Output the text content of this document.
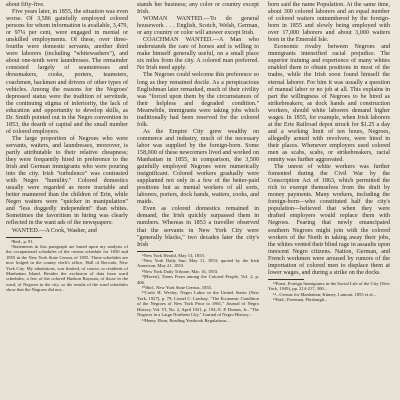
about fifty-five.

Five years later, in 1855, the situation was even worse. Of 3,586 gainfully employed colored persons for whom information is available, 3,479, or 97¼ per cent, were engaged in menial or unskilled employments. Of these, over three-fourths were domestic servants, another third were laborers (including "whitewashers"), and about one-tenth were laundresses. The remainder consisted largely of seamstresses and dressmakers, cooks, porters, teamsters, coachmen, hackmen and drivers of other types of vehicles. Among the reasons for the Negroes' depressed status were the tradition of servitude, the continuing stigma of inferiority, the lack of education and opportunity to develop skills, as Dr. Smith pointed out in the Negro convention in 1853, the dearth of capital and the small number of colored employers.

The large proportion of Negroes who were servants, waiters, and laundresses, moreover, is partly attributable to their relative cheapness; they were frequently hired in preference to the Irish and German immigrants who were pouring into the city. Irish "turbulence" was contrasted with Negro "humility." Colored domestics usually were regarded as more tractable and better mannered than the children of Erin, while Negro waiters were "quicker in manipulation" and "less doggedly independent" than whites. Sometimes the favoritism in hiring was clearly reflected in the want ads of the newspapers:

WANTED.—A Cook, Washer, and

⁴Ibid., p. 91.

⁵Statements in this paragraph are based upon my analysis of the occupational schedules of the census schedule for 1850 and 1855 in the New York State Census of 1855. These schedules are now lodged in the county clerk's office, Hall of Records, New York City. My tabulations, was limited, of course, to residents of Manhattan Island. Besides the exclusion of data from ward schedules, a few of the colored Hudson Bayouta, of those in the ward, of Negroes in the city, so the results of the ward schedules show that the Negroes did not...

stands her business; any color or country except Irish.

WOMAN WANTED.—To do general housework . . . English, Scotch, Welsh, German, or any country or color will answer except Irish.

COACHMAN WANTED.—A Man who understands the care of horses and is willing to make himself generally useful, on a small place six miles from the city. A colored man preferred. No Irish need apply.

The Negroes could welcome this preference so long as they remained docile. As a perspicacious Englishman later remarked, much of their civility was "forced upon them by the circumstances of their helpless and degraded condition." Meanwhile, immigrants were taking jobs which traditionally had been reserved for the colored folk.

As the Empire City grew wealthy on commerce and industry, much of the necessary labor was supplied by the foreign-born. Some 158,000 of these newcomers lived and worked on Manhattan in 1855, in comparison, the 3,500 gainfully employed Negroes were numerically insignificant. Colored workers gradually were supplanted not only in a few of the better-paid positions but as menial workers of all sorts, laborers, porters, dock hands, waiters, cooks, and maids.

Even as colored domestics remained in demand, the Irish quickly surpassed them in numbers. Whereas in 1853 a traveller observed that the servants in New York City were "generally blacks," two decades later the city's Irish

⁶New York Herald, May 13, 1853.

⁷New York Daily Sun, May 11, 1853; quoted by the Irish American, May 21, 1853.

⁸New York Daily Tribune, Mar. 16, 1853.

⁹[Haven], Times From among the Colored People, Vol. 2, p. 406.

¹⁰Ibid., New York State Census, 1855.

¹¹Carlo H. Wesley, Negro Labor in the United States (New York, 1927), p. 79; Lionel C. Lindsay, "The Economic Condition of the Negroes of New York Prior to 1861," Journal of Negro History, Vol. VI, No. 2, April 1921, p. 194; E. P. Dumas, Jr., "The Negroes in a Large Northern City," Journal of Negro History...

¹²Henry Ebon, Reading Yearbook Regulations...

born said the name Population. At the same time, about 300 colored laborers and an equal number of colored waiters outnumbered by the foreign-born in 1855 and slowly being employed with over 17,000 laborers and about 3,000 waiters born in the Emerald Isle.

Economic rivalry between Negroes and immigrants intensified racial prejudice. The superior training and experience of many whites enabled them to obtain positions in most of the trades, while the Irish soon found himself the eternal laborer. For him it was usually a question of manual labor or no job at all. This explains in part the willingness of Negroes to be hired as strikebreakers; as dock hands and construction workers, should white laborers demand higher wages. In 1855, for example, when Irish laborers at the Erie Railroad depot struck for $1.25 a day and a working limit of ten hours, Negroes, allegedly armed with revolvers, were hired in their places. Whenever employers used colored men as scabs, scabs, or strikebreakers, racial enmity was further aggravated.

The unrest of white workers was further fomented during the Civil War by the Conscription Act of 1863, which permitted the rich to exempt themselves from the draft by money payments. Many workers, including the foreign-born—who constituted half the city's population—believed that when they were drafted employers would replace them with Negroes. Fearing that newly emancipated southern Negroes might join with the colored workers of the North in taking away their jobs, the whites vented their blind rage in assaults upon innocent Negro citizens. Nation, German, and French workmen were aroused by rumors of the importation of colored men to displace them at lower wages, and during a strike on the docks

¹³Ernst, Foreign Immigrants in the Social Life of the City (New York, 1949), pp. 214-217, 300...

¹⁴...Census for Manhattan; Kinney, Lamont, 1855 et al...

¹⁵Ibid.; Freeman, Pittsburgh...
